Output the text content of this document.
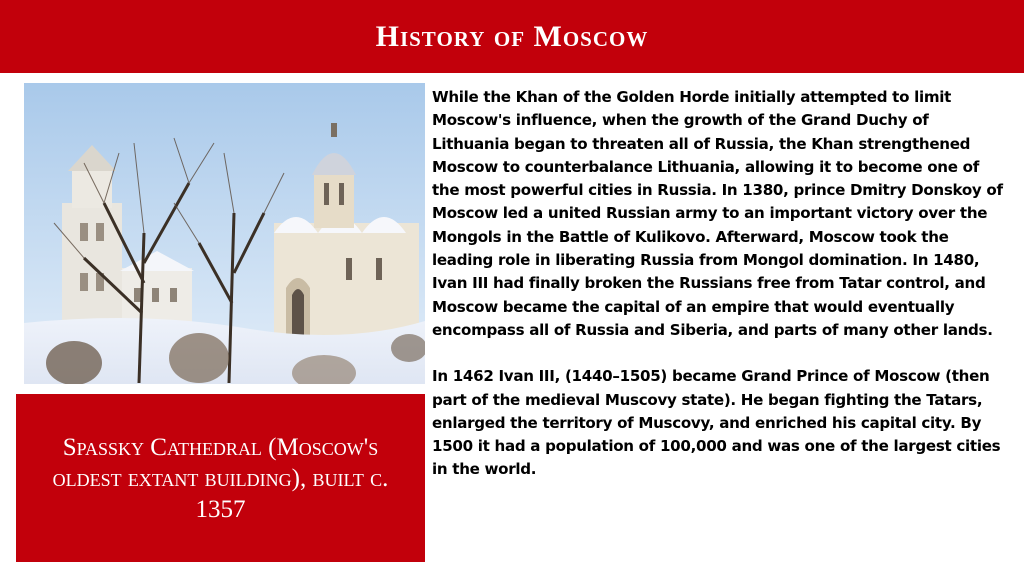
History of Moscow

Spassky Cathedral (Moscow's oldest extant building), built c. 1357

While the Khan of the Golden Horde initially attempted to limit Moscow's influence, when the growth of the Grand Duchy of Lithuania began to threaten all of Russia, the Khan strengthened Moscow to counterbalance Lithuania, allowing it to become one of the most powerful cities in Russia. In 1380, prince Dmitry Donskoy of Moscow led a united Russian army to an important victory over the Mongols in the Battle of Kulikovo. Afterward, Moscow took the leading role in liberating Russia from Mongol domination. In 1480, Ivan III had finally broken the Russians free from Tatar control, and Moscow became the capital of an empire that would eventually encompass all of Russia and Siberia, and parts of many other lands.

In 1462 Ivan III, (1440–1505) became Grand Prince of Moscow (then part of the medieval Muscovy state). He began fighting the Tatars, enlarged the territory of Muscovy, and enriched his capital city. By 1500 it had a population of 100,000 and was one of the largest cities in the world.
